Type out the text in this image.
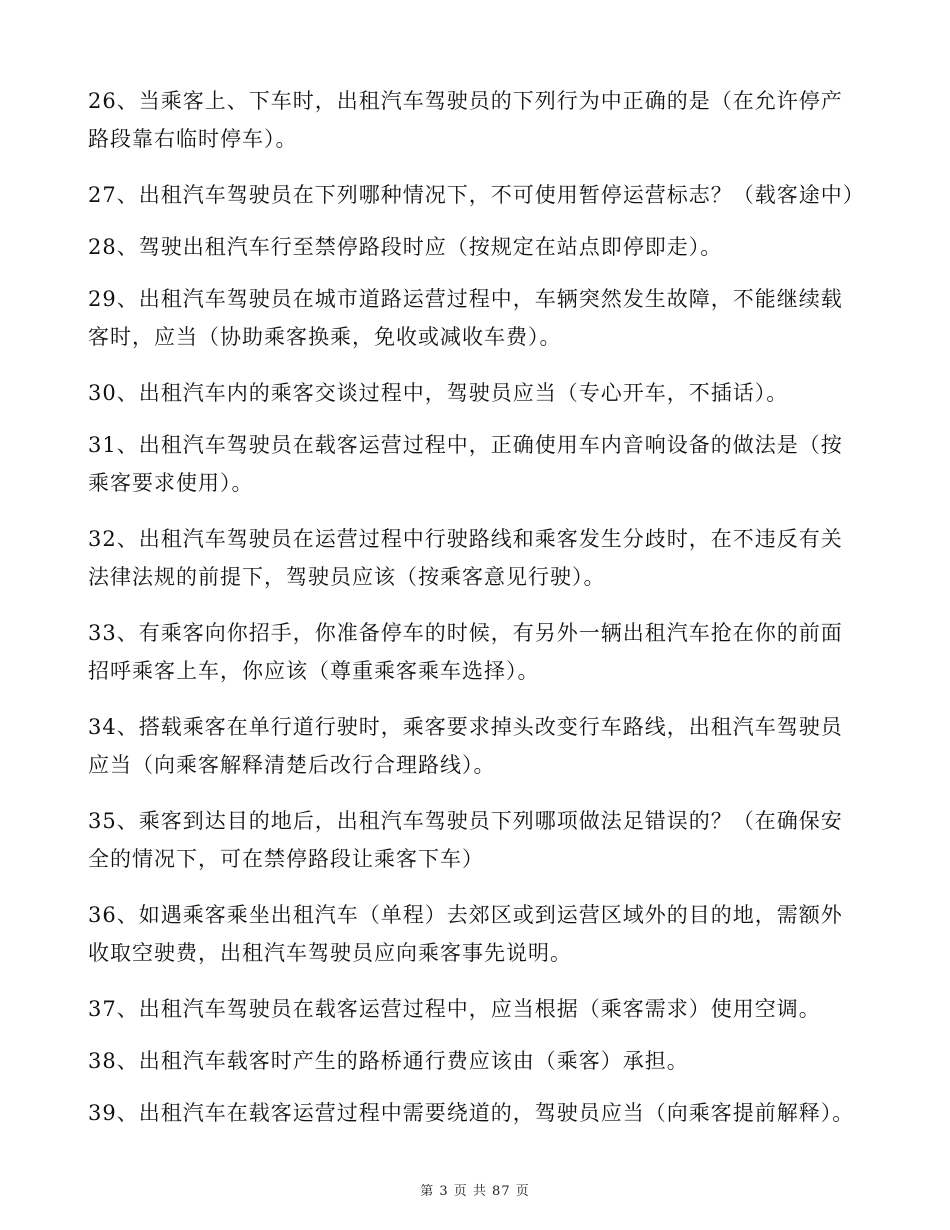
26、当乘客上、下车时，出租汽车驾驶员的下列行为中正确的是（在允许停产路段靠右临时停车）。

27、出租汽车驾驶员在下列哪种情况下，不可使用暂停运营标志？（载客途中）

28、驾驶出租汽车行至禁停路段时应（按规定在站点即停即走）。

29、出租汽车驾驶员在城市道路运营过程中，车辆突然发生故障，不能继续载客时，应当（协助乘客换乘，免收或减收车费）。

30、出租汽车内的乘客交谈过程中，驾驶员应当（专心开车，不插话）。

31、出租汽车驾驶员在载客运营过程中，正确使用车内音响设备的做法是（按乘客要求使用）。

32、出租汽车驾驶员在运营过程中行驶路线和乘客发生分歧时，在不违反有关法律法规的前提下，驾驶员应该（按乘客意见行驶）。

33、有乘客向你招手，你准备停车的时候，有另外一辆出租汽车抢在你的前面招呼乘客上车，你应该（尊重乘客乘车选择）。

34、搭载乘客在单行道行驶时，乘客要求掉头改变行车路线，出租汽车驾驶员应当（向乘客解释清楚后改行合理路线）。

35、乘客到达目的地后，出租汽车驾驶员下列哪项做法足错误的？（在确保安全的情况下，可在禁停路段让乘客下车）

36、如遇乘客乘坐出租汽车（单程）去郊区或到运营区域外的目的地，需额外收取空驶费，出租汽车驾驶员应向乘客事先说明。

37、出租汽车驾驶员在载客运营过程中，应当根据（乘客需求）使用空调。

38、出租汽车载客时产生的路桥通行费应该由（乘客）承担。

39、出租汽车在载客运营过程中需要绕道的，驾驶员应当（向乘客提前解释）。

第 3 页 共 87 页
